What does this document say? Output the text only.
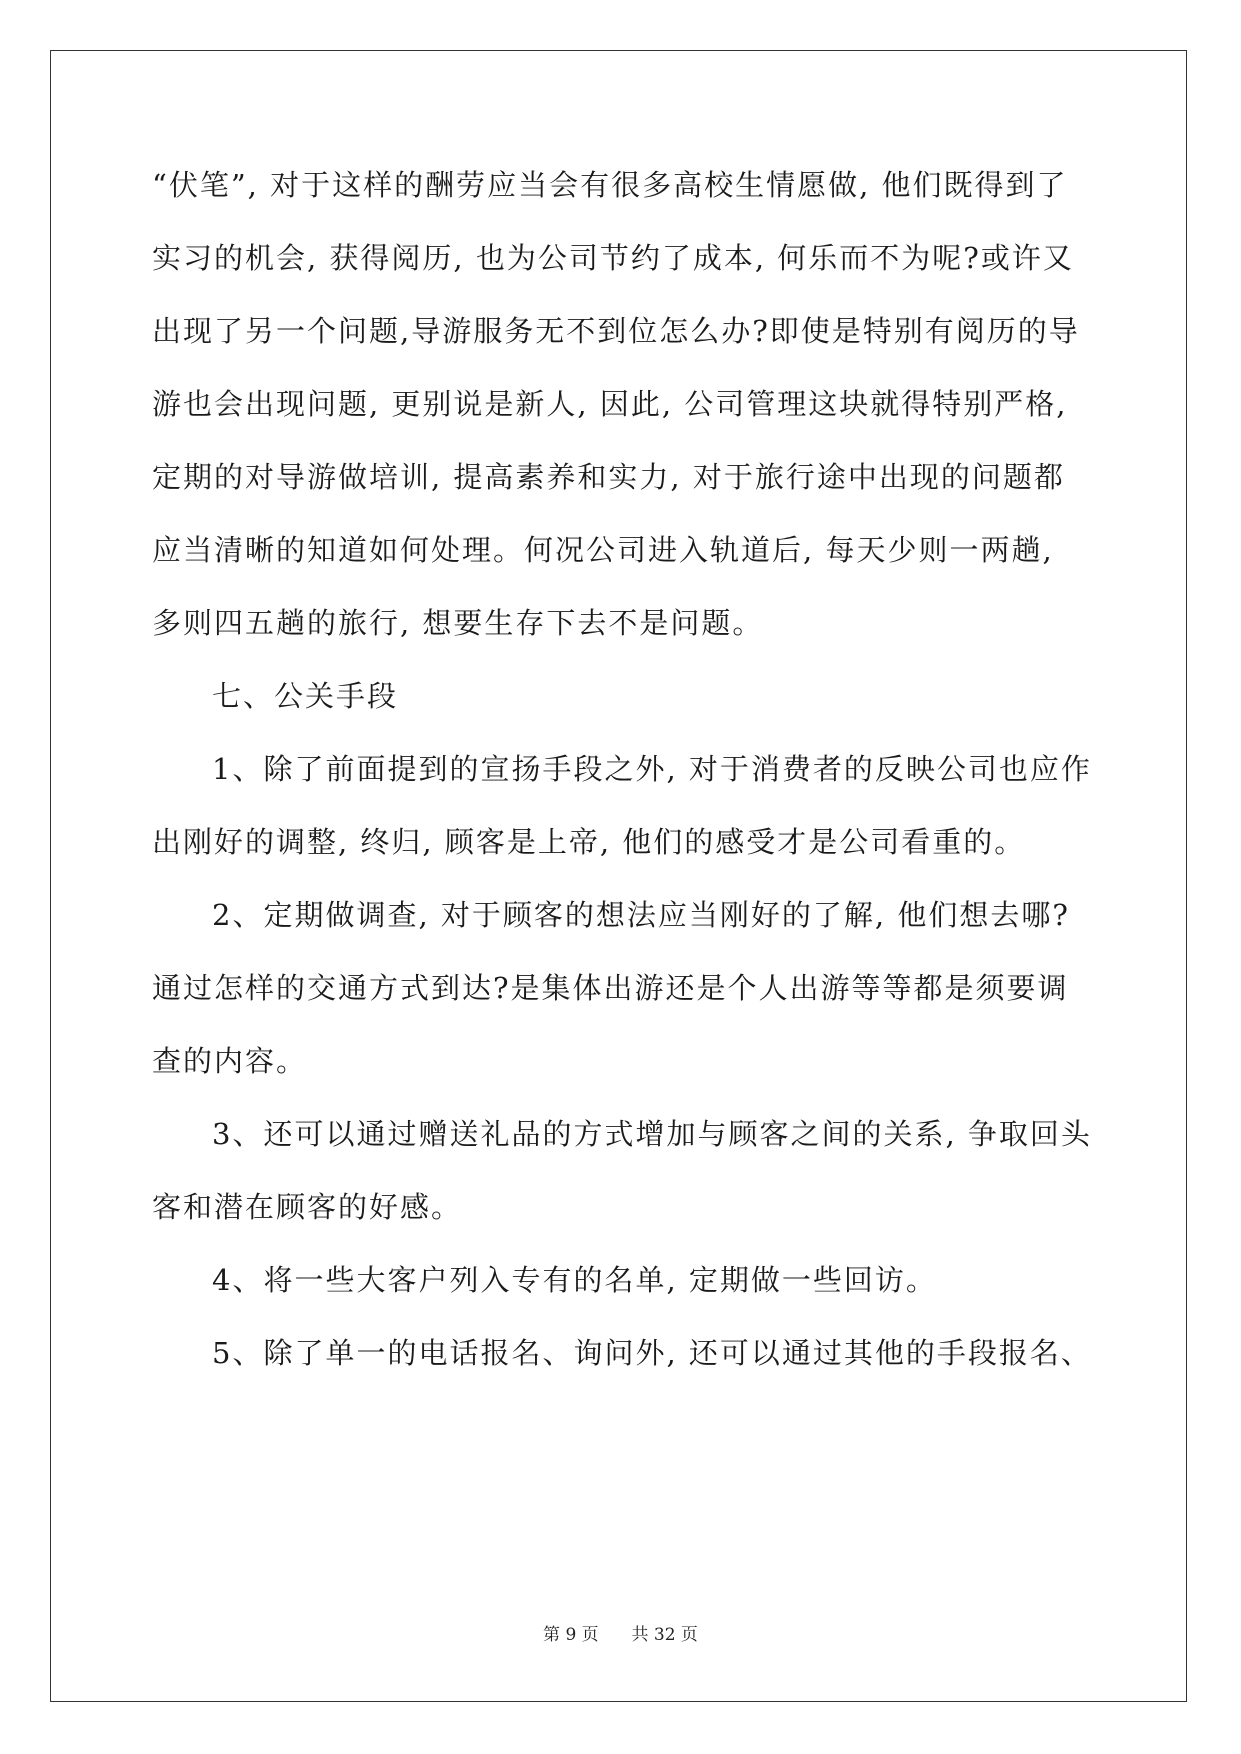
“伏笔”, 对于这样的酬劳应当会有很多高校生情愿做, 他们既得到了
实习的机会, 获得阅历, 也为公司节约了成本, 何乐而不为呢?或许又
出现了另一个问题,导游服务无不到位怎么办?即使是特别有阅历的导
游也会出现问题, 更别说是新人, 因此, 公司管理这块就得特别严格,
定期的对导游做培训, 提高素养和实力, 对于旅行途中出现的问题都
应当清晰的知道如何处理。何况公司进入轨道后, 每天少则一两趟,
多则四五趟的旅行, 想要生存下去不是问题。
七、公关手段
1、除了前面提到的宣扬手段之外, 对于消费者的反映公司也应作
出刚好的调整, 终归, 顾客是上帝, 他们的感受才是公司看重的。
2、定期做调查, 对于顾客的想法应当刚好的了解, 他们想去哪?
通过怎样的交通方式到达?是集体出游还是个人出游等等都是须要调
查的内容。
3、还可以通过赠送礼品的方式增加与顾客之间的关系, 争取回头
客和潜在顾客的好感。
4、将一些大客户列入专有的名单, 定期做一些回访。
5、除了单一的电话报名、询问外, 还可以通过其他的手段报名、
第 9 页 共 32 页
